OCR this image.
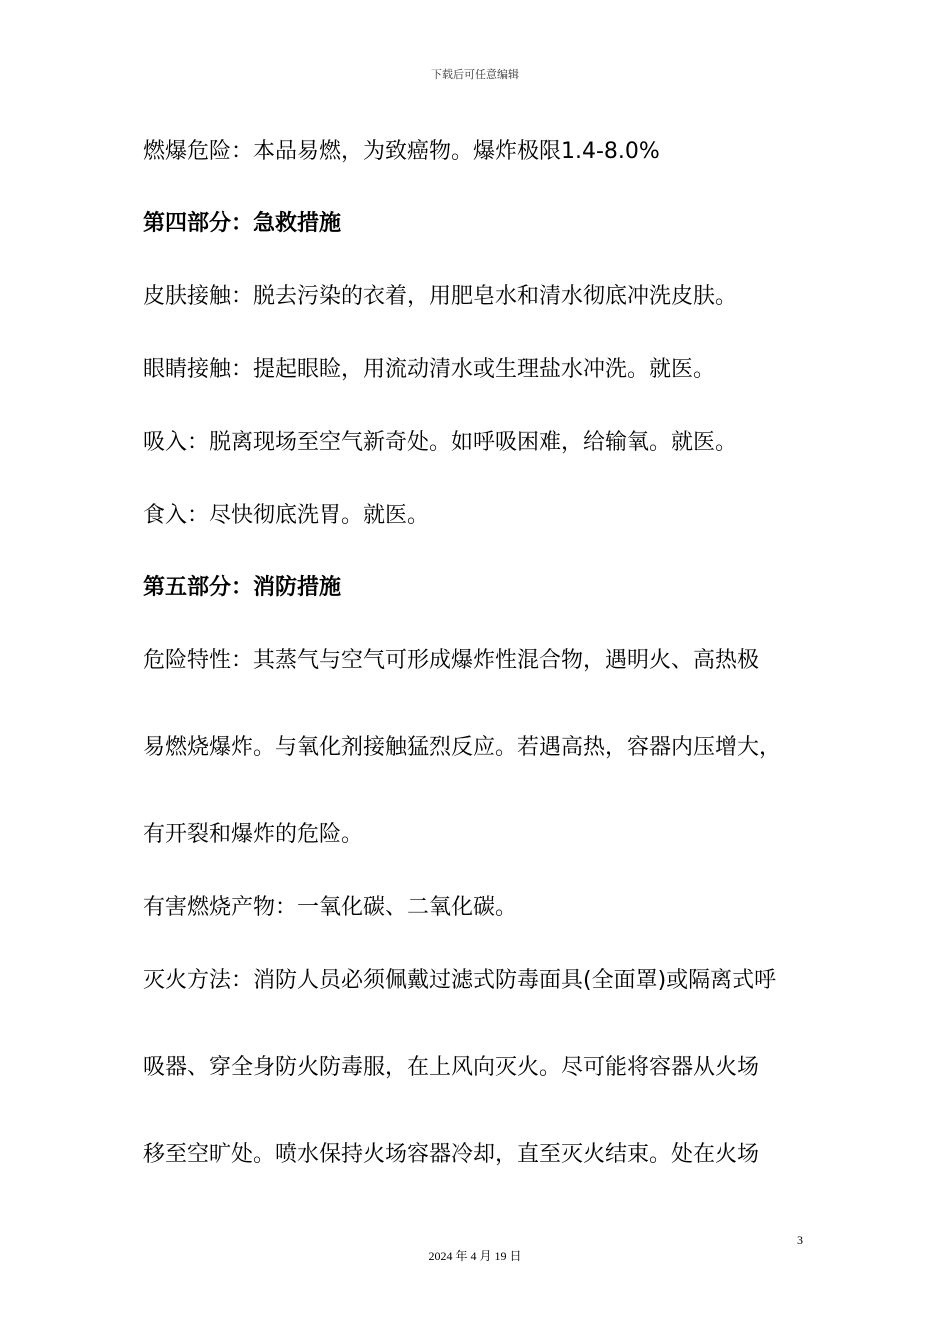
下载后可任意编辑
燃爆危险：本品易燃，为致癌物。爆炸极限1.4-8.0%
第四部分：急救措施
皮肤接触：脱去污染的衣着，用肥皂水和清水彻底冲洗皮肤。
眼睛接触：提起眼睑，用流动清水或生理盐水冲洗。就医。
吸入：脱离现场至空气新奇处。如呼吸困难，给输氧。就医。
食入：尽快彻底洗胃。就医。
第五部分：消防措施
危险特性：其蒸气与空气可形成爆炸性混合物，遇明火、高热极
易燃烧爆炸。与氧化剂接触猛烈反应。若遇高热，容器内压增大，
有开裂和爆炸的危险。
有害燃烧产物：一氧化碳、二氧化碳。
灭火方法：消防人员必须佩戴过滤式防毒面具(全面罩)或隔离式呼
吸器、穿全身防火防毒服，在上风向灭火。尽可能将容器从火场
移至空旷处。喷水保持火场容器冷却，直至灭火结束。处在火场
3
2024 年 4 月 19 日
